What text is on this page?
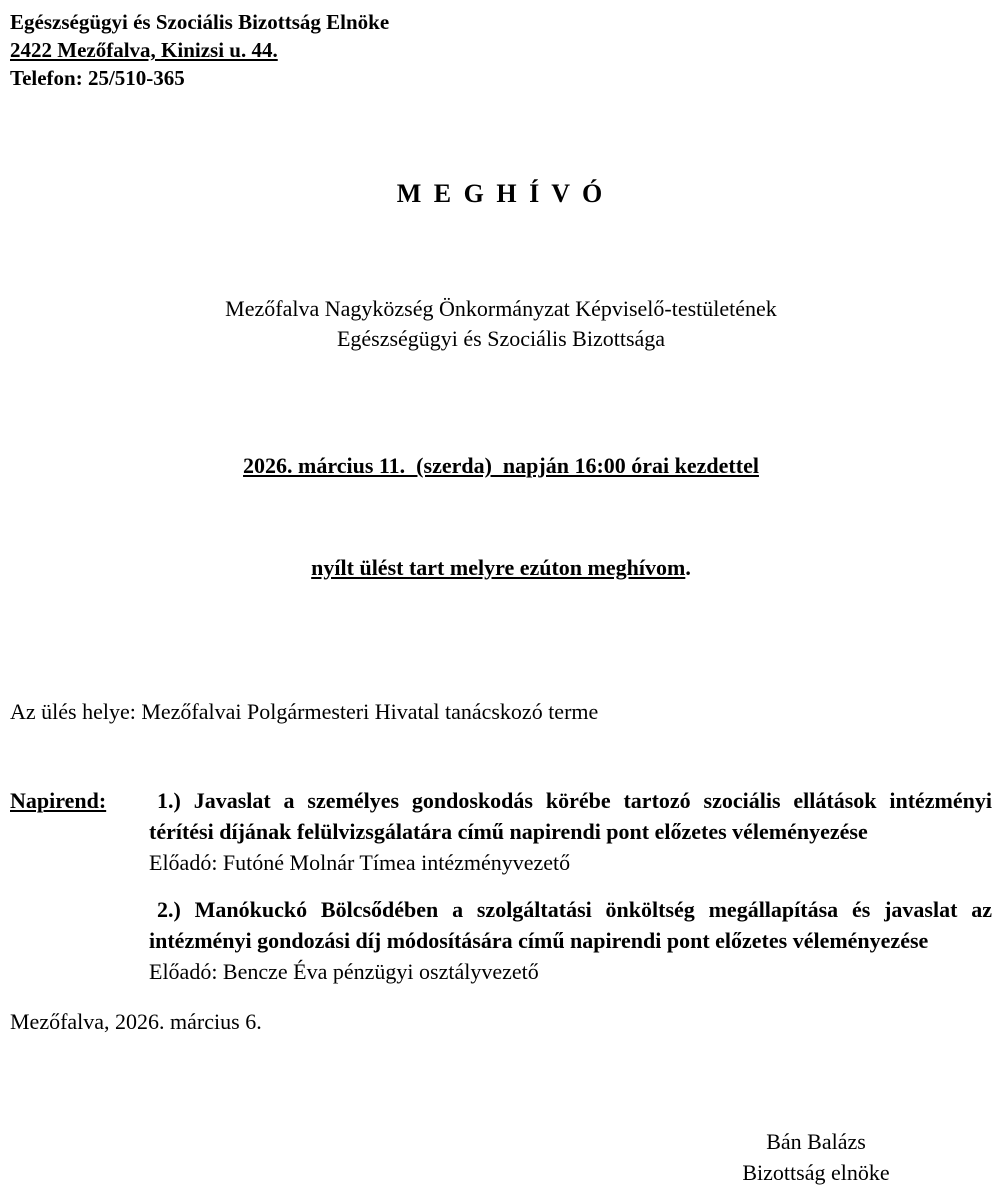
Egészségügyi és Szociális Bizottság Elnöke
2422 Mezőfalva, Kinizsi u. 44.
Telefon: 25/510-365
M E G H Í V Ó
Mezőfalva Nagyközség Önkormányzat Képviselő-testületének
Egészségügyi és Szociális Bizottsága

2026. március 11.  (szerda)  napján 16:00 órai kezdettel

nyílt ülést tart melyre ezúton meghívom.

Az ülés helye: Mezőfalvai Polgármesteri Hivatal tanácskozó terme
Napirend:	1.) Javaslat a személyes gondoskodás körébe tartozó szociális ellátások intézményi térítési díjának felülvizsgálatára című napirendi pont előzetes véleményezése
Előadó: Futóné Molnár Tímea intézményvezető
2.) Manókuckó Bölcsődében a szolgáltatási önköltség megállapítása és javaslat az intézményi gondozási díj módosítására című napirendi pont előzetes véleményezése
Előadó: Bencze Éva pénzügyi osztályvezető
Mezőfalva, 2026. március 6.
Bán Balázs
Bizottság elnöke
